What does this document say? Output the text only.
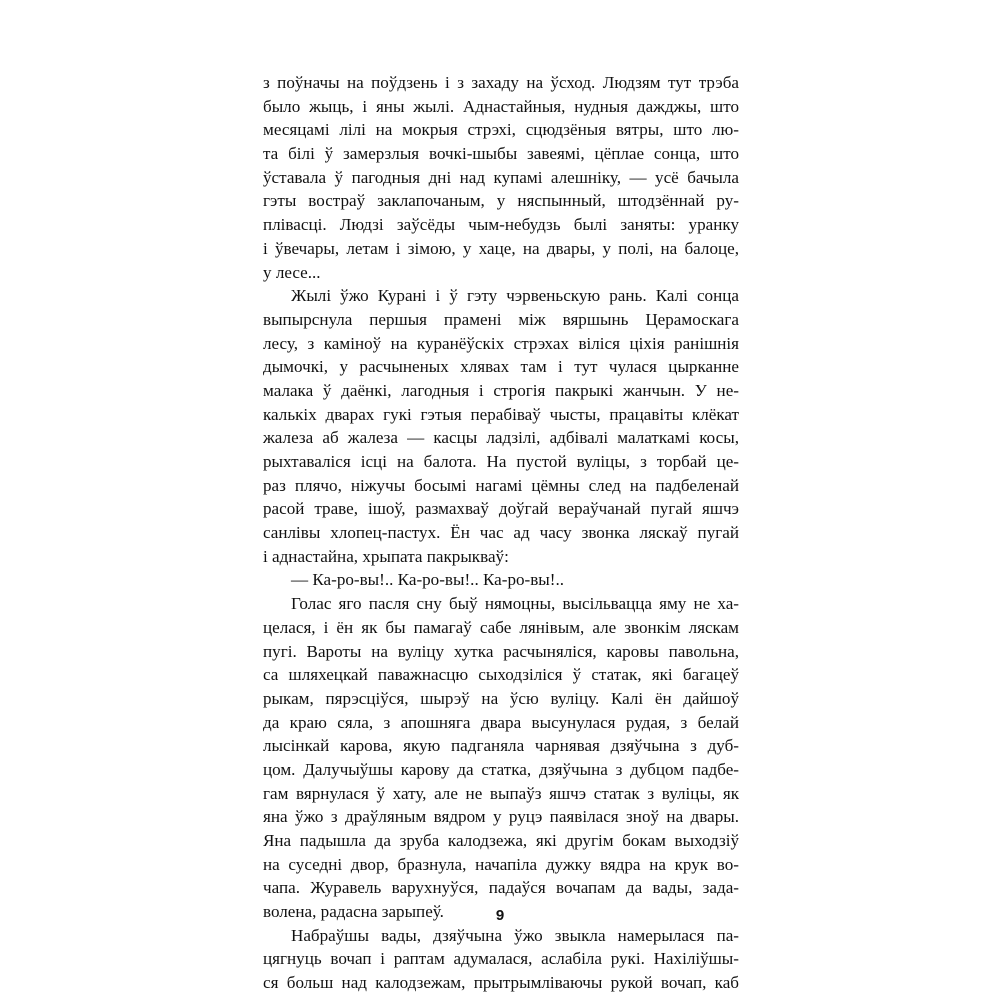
з поўначы на поўдзень і з захаду на ўсход. Людзям тут трэба
было жыць, і яны жылі. Аднастайныя, нудныя дажджы, што
месяцамі лілі на мокрыя стрэхі, сцюдзёныя вятры, што лю-
та білі ў замерзлыя вочкі-шыбы завеямі, цёплае сонца, што
ўставала ў пагодныя дні над купамі алешніку, — усё бачыла
гэты востраў заклапочаным, у няспынный, штодзённай ру-
плівасці. Людзі заўсёды чым-небудзь былі заняты: уранку
і ўвечары, летам і зімою, у хаце, на двары, у полі, на балоце,
у лесе...
Жылі ўжо Курані і ў гэту чэрвеньскую рань. Калі сонца
выпырснула першыя прамені між вяршынь Церамоскага
лесу, з камінoў на куранёўскіх стрэхах віліся ціхія ранішнія
дымочкі, у расчыненых хлявах там і тут чулася цырканне
малака ў даёнкі, лагодныя і строгія пакрыкі жанчын. У не-
калькіх дварах гукі гэтыя перабіваў чысты, працавіты клёкат
жалеза аб жалеза — касцы ладзілі, адбівалі малаткамі косы,
рыхтаваліся ісці на балота. На пустой вуліцы, з торбай це-
раз плячо, ніжучы босымі нагамі цёмны след на падбеленай
расой траве, ішоў, размахваў доўгай вераўчанай пугай яшчэ
санлівы хлопец-пастух. Ён час ад часу звонка ляскаў пугай
і аднастайна, хрыпата пакрыкваў:
— Ка-ро-вы!.. Ка-ро-вы!.. Ка-ро-вы!..
Голас яго пасля сну быў нямоцны, высільвацца яму не ха-
целася, і ён як бы памагаў сабе лянівым, але звонкім ляскам
пугі. Вароты на вуліцу хутка расчыняліся, каровы павольна,
са шляхецкай паважнасцю сыходзіліся ў статак, які багацеў
рыкам, пярэсціўся, шырэў на ўсю вуліцу. Калі ён дайшоў
да краю сяла, з апошняга двара высунулася рудая, з белай
лысінкай карова, якую падганяла чарнявая дзяўчына з дуб-
цом. Далучыўшы карову да статка, дзяўчына з дубцом падбе-
гам вярнулася ў хату, але не выпаўз яшчэ статак з вуліцы, як
яна ўжо з драўляным вядром у руцэ паявілася зноў на двары.
Яна падышла да зруба калодзежа, які другім бокам выходзіў
на суседні двор, бразнула, начапіла дужку вядра на крук во-
чапа. Журавель варухнуўся, падаўся вочапам да вады, зада-
волена, радасна зарыпеў.
Набраўшы вады, дзяўчына ўжо звыкла намерылася па-
цягнуць вочап і раптам адумалася, аслабіла рукі. Нахіліўшы-
ся больш над калодзежам, прытрымліваючы рукой вочап, каб
9
